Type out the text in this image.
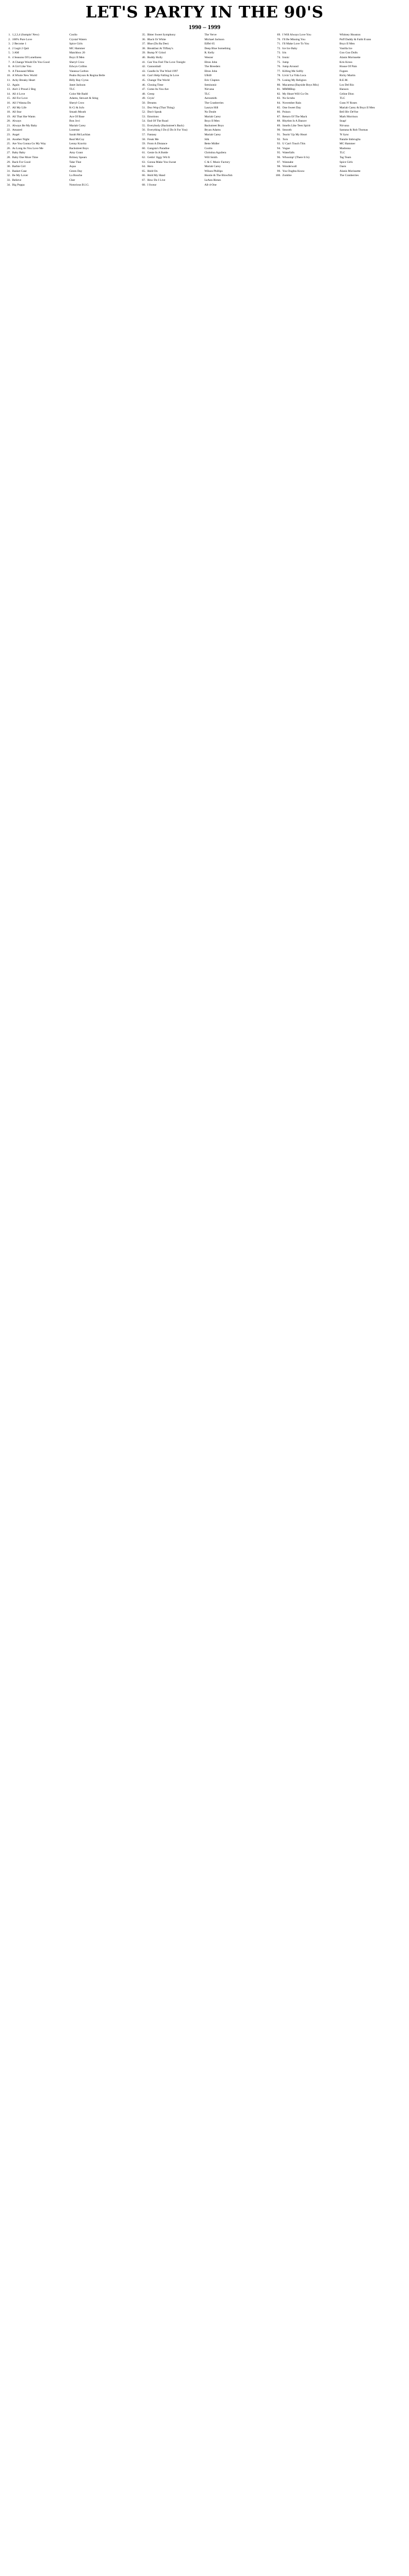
LET'S PARTY IN THE 90'S
1990 – 1999
1. 1,2,3,4 (Sumpin' New)	Coolio
2. 100% Pure Love	Crystal Waters
3. 2 Become 1	Spice Girls
4. 2 Legit 2 Quit	MC Hammer
5. 3 AM	Matchbox 20
6. 4 Seasons Of Loneliness	Boyz II Men
7. A Change Would Do You Good	Sheryl Crow
8. A Girl Like You	Edwyn Collins
9. A Thousand Miles	Vanessa Carlton
10. A Whole New World	Peabo Bryson & Regina Belle
11. Achy Breaky Heart	Billy Ray Cyrus
12. Again	Janet Jackson
13. Ain't 2 Proud 2 Beg	TLC
14. All 4 Love	Color Me Badd
15. All For Love	Adams, Stewart & Sting
16. All I Wanna Do	Sheryl Crow
17. All My Life	K-Ci & JoJo
18. All Star	Smash Mouth
19. All That She Wants	Ace Of Base
20. Always	Bon Jovi
21. Always Be My Baby	Mariah Carey
22. Amazed	Lonestar
23. Angel	Sarah McLachlan
24. Another Night	Real McCoy
25. Are You Gonna Go My Way	Lenny Kravitz
26. As Long As You Love Me	Backstreet Boys
27. Baby Baby	Amy Grant
28. Baby One More Time	Britney Spears
29. Back For Good	Take That
30. Barbie Girl	Aqua
31. Basket Case	Green Day
32. Be My Lover	La Bouche
33. Believe	Cher
34. Big Poppa	Notorious B.I.G.
35. Bitter Sweet Symphony	The Verve
36. Black Or White	Michael Jackson
37. Blue (Da Ba Dee)	Eiffel 65
38. Breakfast At Tiffany's	Deep Blue Something
39. Bump N' Grind	R. Kelly
40. Buddy Holly	Weezer
41. Can You Feel The Love Tonight	Elton John
42. Cannonball	The Breeders
43. Candle In The Wind 1997	Elton John
44. Can't Help Falling In Love	UB40
45. Change The World	Eric Clapton
46. Closing Time	Semisonic
47. Come As You Are	Nirvana
48. Creep	TLC
49. Cryin'	Aerosmith
50. Dreams	The Cranberries
51. Doo Wop (That Thing)	Lauryn Hill
52. Don't Speak	No Doubt
53. Emotions	Mariah Carey
54. End Of The Road	Boyz II Men
55. Everybody (Backstreet's Back)	Backstreet Boys
56. Everything I Do (I Do It For You)	Bryan Adams
57. Fantasy	Mariah Carey
58. Freak Me	Silk
59. From A Distance	Bette Midler
60. Gangsta's Paradise	Coolio
61. Genie In A Bottle	Christina Aguilera
62. Gettin' Jiggy Wit It	Will Smith
63. Gonna Make You Sweat	C & C Music Factory
64. Hero	Mariah Carey
65. Hold On	Wilson Phillips
66. Hold My Hand	Hootie & The Blowfish
67. How Do I Live	LeAnn Rimes
68. I Swear	All-4-One
69. I Will Always Love You	Whitney Houston
70. I'll Be Missing You	Puff Daddy & Faith Evans
71. I'll Make Love To You	Boyz II Men
72. Ice Ice Baby	Vanilla Ice
73. Iris	Goo Goo Dolls
74. Ironic	Alanis Morissette
75. Jump	Kris Kross
76. Jump Around	House Of Pain
77. Killing Me Softly	Fugees
78. Livin' La Vida Loca	Ricky Martin
79. Losing My Religion	R.E.M.
80. Macarena (Bayside Boys Mix)	Los Del Rio
81. MMMBop	Hanson
82. My Heart Will Go On	Celine Dion
83. No Scrubs	TLC
84. November Rain	Guns N' Roses
85. One Sweet Day	Mariah Carey & Boyz II Men
86. Poison	Bell Biv DeVoe
87. Return Of The Mack	Mark Morrison
88. Rhythm Is A Dancer	Snap!
89. Smells Like Teen Spirit	Nirvana
90. Smooth	Santana & Rob Thomas
91. Tearin' Up My Heart	'N Sync
92. Torn	Natalie Imbruglia
93. U Can't Touch This	MC Hammer
94. Vogue	Madonna
95. Waterfalls	TLC
96. Whoomp! (There It Is)	Tag Team
97. Wannabe	Spice Girls
98. Wonderwall	Oasis
99. You Oughta Know	Alanis Morissette
100. Zombie	The Cranberries
